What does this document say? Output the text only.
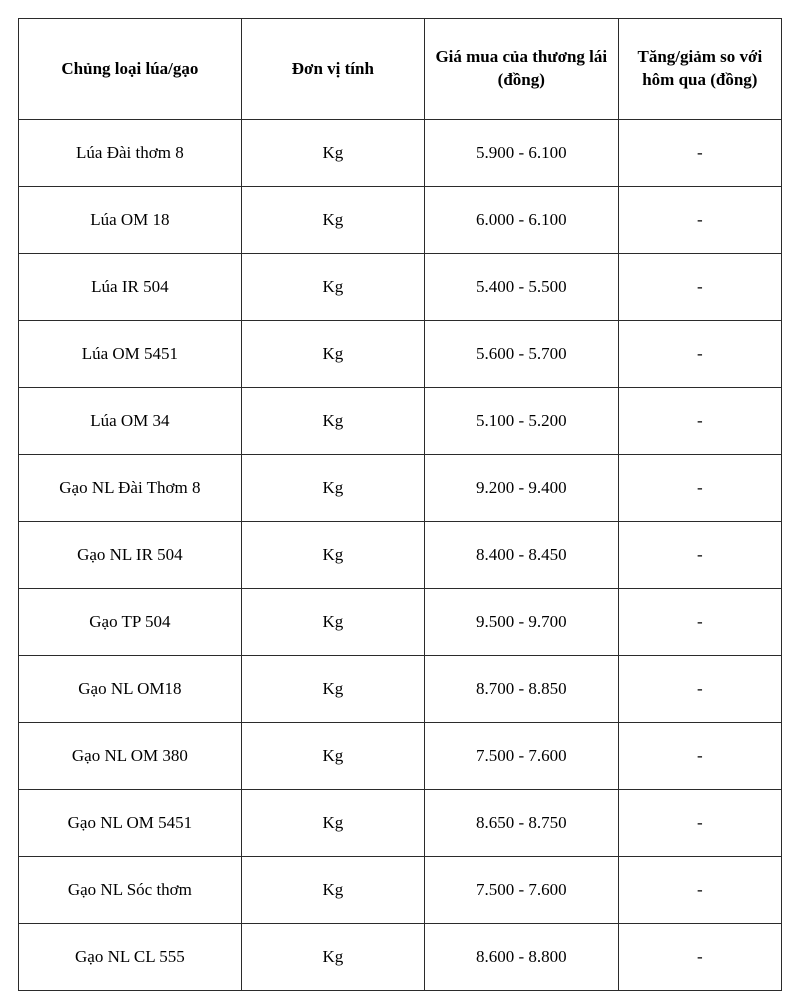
Chủng loại lúa/gạo	Đơn vị tính	Giá mua của thương lái (đồng)	Tăng/giảm so với hôm qua (đồng)
Lúa Đài thơm 8	Kg	5.900 - 6.100	-
Lúa OM 18	Kg	6.000 - 6.100	-
Lúa IR 504	Kg	5.400 - 5.500	-
Lúa OM 5451	Kg	5.600 - 5.700	-
Lúa OM 34	Kg	5.100 - 5.200	-
Gạo NL Đài Thơm 8	Kg	9.200 - 9.400	-
Gạo NL IR 504	Kg	8.400 - 8.450	-
Gạo TP 504	Kg	9.500 - 9.700	-
Gạo NL OM18	Kg	8.700 - 8.850	-
Gạo NL OM 380	Kg	7.500 - 7.600	-
Gạo NL OM 5451	Kg	8.650 - 8.750	-
Gạo NL Sóc thơm	Kg	7.500 - 7.600	-
Gạo NL CL 555	Kg	8.600 - 8.800	-
